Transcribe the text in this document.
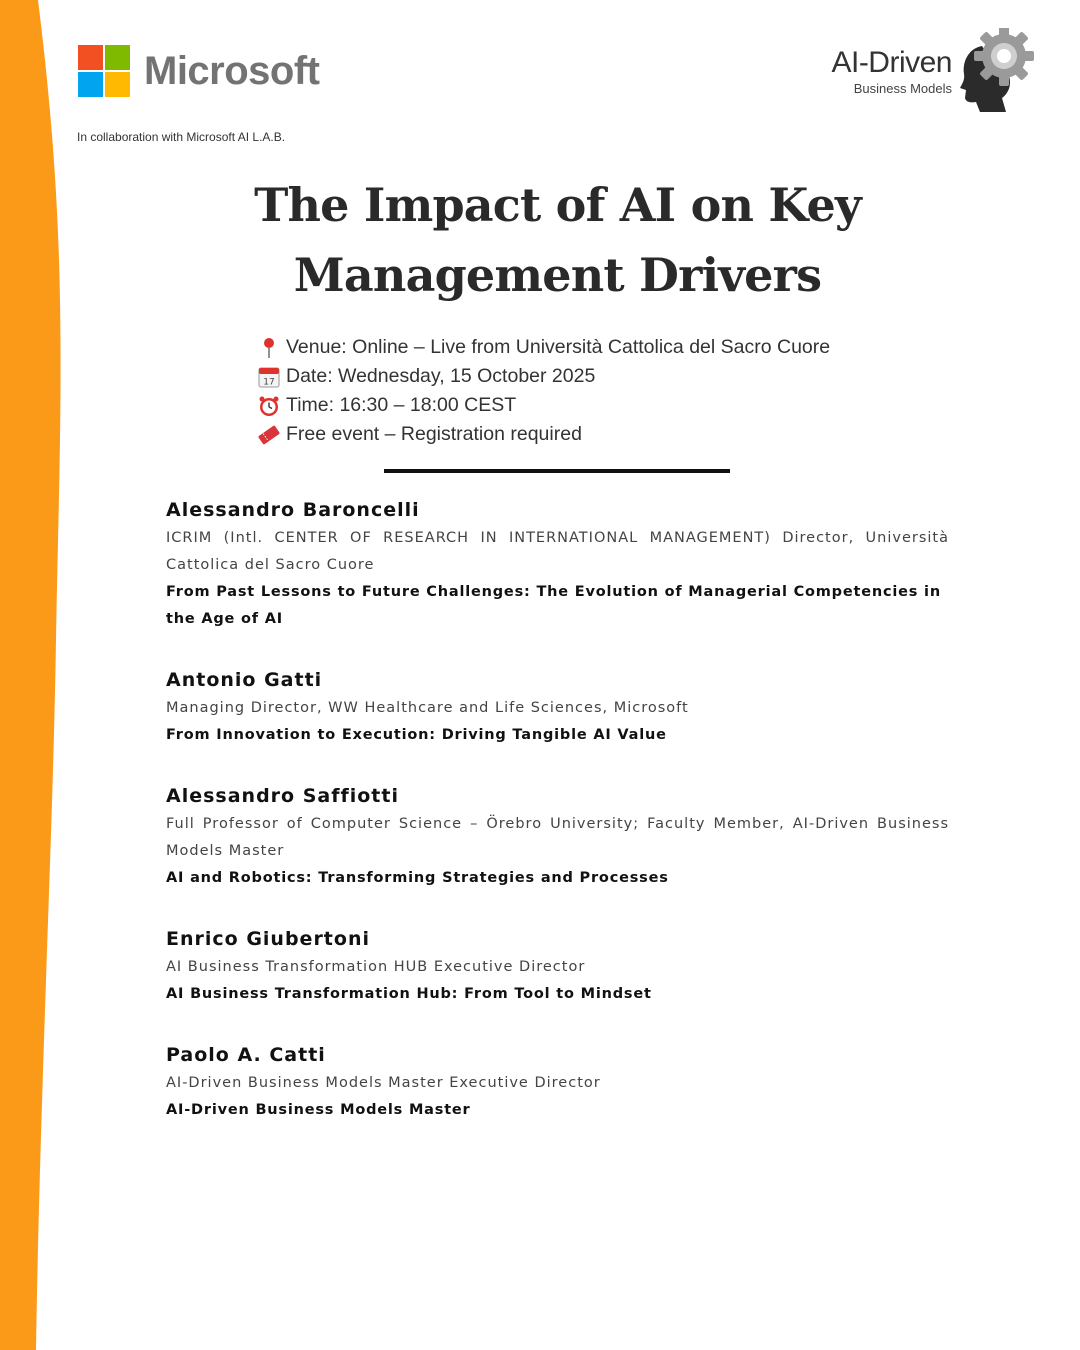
Microsoft
In collaboration with Microsoft AI L.A.B.
AI-Driven
Business Models
The Impact of AI on Key Management Drivers
Venue: Online – Live from Università Cattolica del Sacro Cuore
17 Date: Wednesday, 15 October 2025
Time: 16:30 – 18:00 CEST
Free event – Registration required
Alessandro Baroncelli
ICRIM (Intl. CENTER OF RESEARCH IN INTERNATIONAL MANAGEMENT) Director, Università Cattolica del Sacro Cuore
From Past Lessons to Future Challenges: The Evolution of Managerial Competencies in the Age of AI
Antonio Gatti
Managing Director, WW Healthcare and Life Sciences, Microsoft
From Innovation to Execution: Driving Tangible AI Value
Alessandro Saffiotti
Full Professor of Computer Science – Örebro University; Faculty Member, AI-Driven Business Models Master
AI and Robotics: Transforming Strategies and Processes
Enrico Giubertoni
AI Business Transformation HUB Executive Director
AI Business Transformation Hub: From Tool to Mindset
Paolo A. Catti
AI-Driven Business Models Master Executive Director
AI-Driven Business Models Master
